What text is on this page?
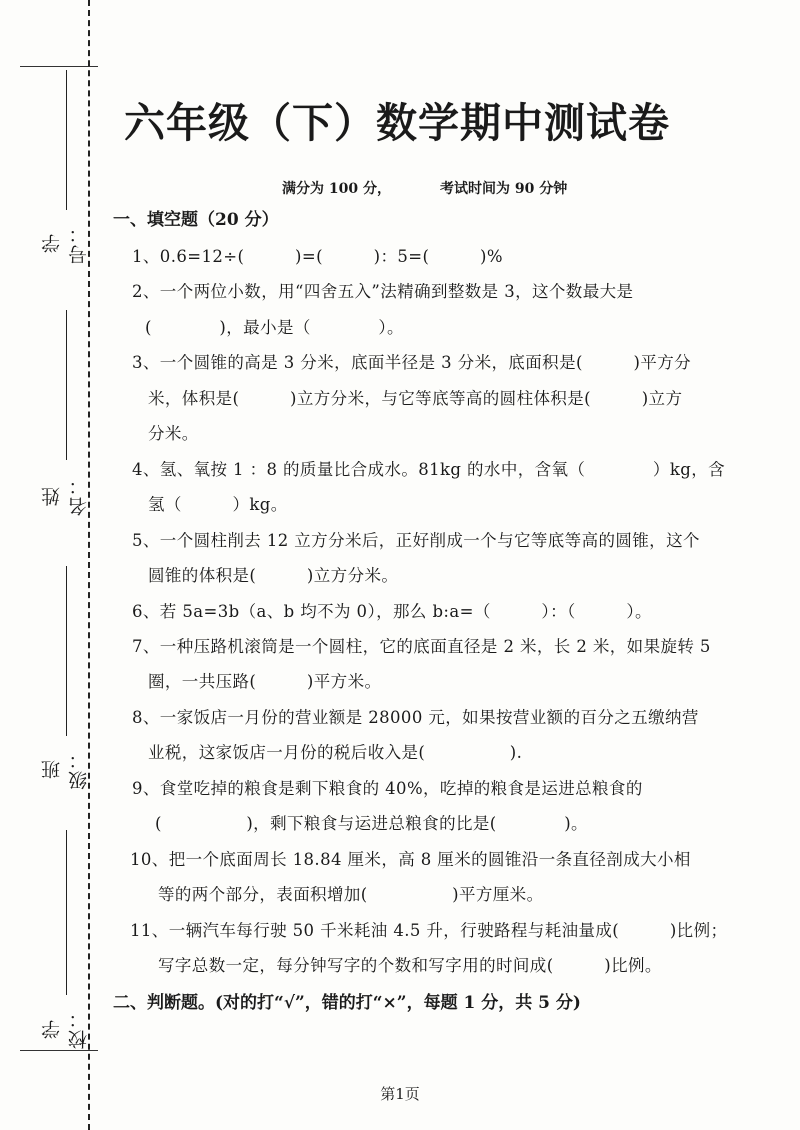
学号：
姓名：
班级：
学校：
六年级（下）数学期中测试卷
满分为 100 分，	考试时间为 90 分钟
一、填空题（20 分）
1、0.6=12÷(　　　)=(　　　)：5=(　　　)%
2、一个两位小数，用“四舍五入”法精确到整数是 3，这个数最大是
(　　　　)，最小是（　　　　）。
3、一个圆锥的高是 3 分米，底面半径是 3 分米，底面积是(　　　)平方分
米，体积是(　　　)立方分米，与它等底等高的圆柱体积是(　　　)立方
分米。
4、氢、氧按 1 ：8 的质量比合成水。81kg 的水中，含氧（　　　　）kg，含
氢（　　　）kg。
5、一个圆柱削去 12 立方分米后，正好削成一个与它等底等高的圆锥，这个
圆锥的体积是(　　　)立方分米。
6、若 5a=3b（a、b 均不为 0），那么 b:a=（　　　）：（　　　）。
7、一种压路机滚筒是一个圆柱，它的底面直径是 2 米，长 2 米，如果旋转 5
圈，一共压路(　　　)平方米。
8、一家饭店一月份的营业额是 28000 元，如果按营业额的百分之五缴纳营
业税，这家饭店一月份的税后收入是(　　　　　).
9、食堂吃掉的粮食是剩下粮食的 40%，吃掉的粮食是运进总粮食的
(　　　　　)，剩下粮食与运进总粮食的比是(　　　　)。
10、把一个底面周长 18.84 厘米，高 8 厘米的圆锥沿一条直径剖成大小相
等的两个部分，表面积增加(　　　　　)平方厘米。
11、一辆汽车每行驶 50 千米耗油 4.5 升，行驶路程与耗油量成(　　　)比例；
写字总数一定，每分钟写字的个数和写字用的时间成(　　　)比例。
二、判断题。(对的打“√”，错的打“×”，每题 1 分，共 5 分)
第1页
